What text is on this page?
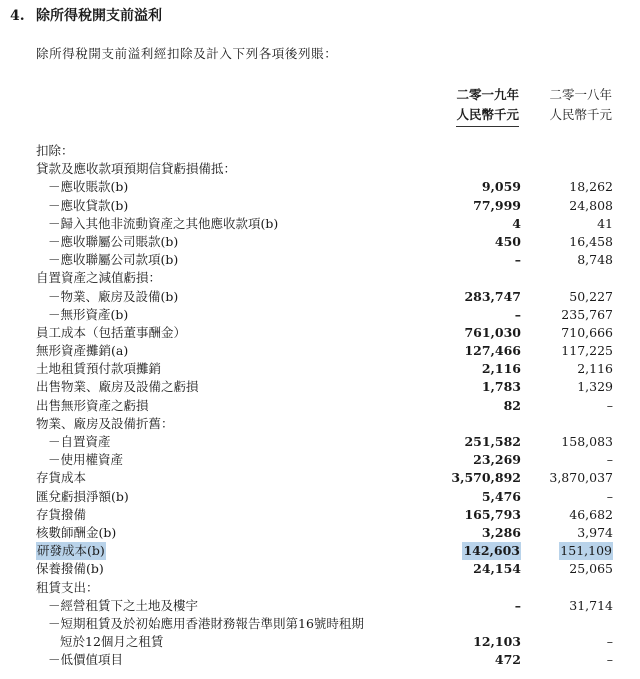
4. 除所得稅開支前溢利
除所得稅開支前溢利經扣除及計入下列各項後列賬：
二零一九年
人民幣千元
二零一八年
人民幣千元
扣除：
貸款及應收款項預期信貸虧損備抵：
－應收賬款(b)	9,059	18,262
－應收貸款(b)	77,999	24,808
－歸入其他非流動資產之其他應收款項(b)	4	41
－應收聯屬公司賬款(b)	450	16,458
－應收聯屬公司款項(b)	–	8,748
自置資產之減值虧損：
－物業、廠房及設備(b)	283,747	50,227
－無形資產(b)	–	235,767
員工成本（包括董事酬金）	761,030	710,666
無形資產攤銷(a)	127,466	117,225
土地租賃預付款項攤銷	2,116	2,116
出售物業、廠房及設備之虧損	1,783	1,329
出售無形資產之虧損	82	–
物業、廠房及設備折舊：
－自置資產	251,582	158,083
－使用權資產	23,269	–
存貨成本	3,570,892 3,870,037
匯兌虧損淨額(b)	5,476	–
存貨撥備	165,793	46,682
核數師酬金(b)	3,286	3,974
研發成本(b)	142,603	151,109
保養撥備(b)	24,154	25,065
租賃支出：
－經營租賃下之土地及樓宇	–	31,714
－短期租賃及於初始應用香港財務報告準則第16號時租期
短於12個月之租賃	12,103	–
－低價值項目	472	–
